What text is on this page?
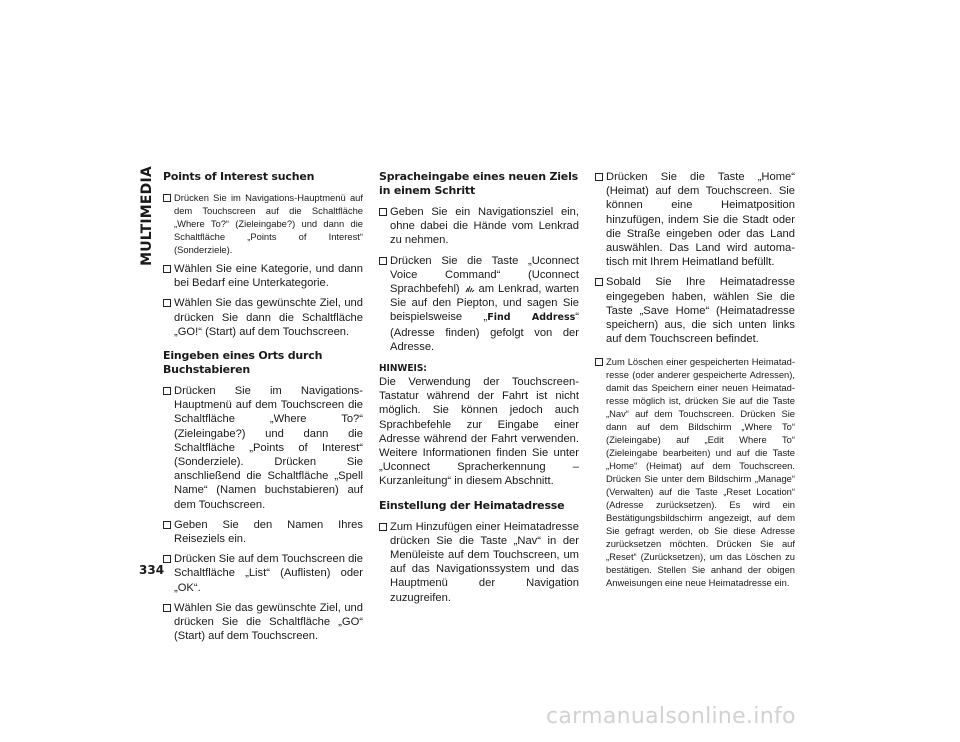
MULTIMEDIA
334
Points of Interest suchen
Drücken Sie im Navigations-Hauptmenü auf dem Touchscreen auf die Schaltfläche „Where To?“ (Zieleingabe?) und dann die Schaltfläche „Points of Interest“ (Sonderziele).
Wählen Sie eine Kategorie, und dann bei Bedarf eine Unterkategorie.
Wählen Sie das gewünschte Ziel, und drücken Sie dann die Schaltfläche „GO!“ (Start) auf dem Touchscreen.
Eingeben eines Orts durch Buchstabieren
Drücken Sie im Navigations-Hauptmenü auf dem Touchscreen die Schaltfläche „Where To?“ (Zieleingabe?) und dann die Schaltfläche „Points of Interest“ (Sonderziele). Drücken Sie anschließend die Schaltfläche „Spell Name“ (Namen buchstabieren) auf dem Touchscreen.
Geben Sie den Namen Ihres Reiseziels ein.
Drücken Sie auf dem Touchscreen die Schaltfläche „List“ (Auflisten) oder „OK“.
Wählen Sie das gewünschte Ziel, und drücken Sie die Schaltfläche „GO“ (Start) auf dem Touchscreen.
Spracheingabe eines neuen Ziels in einem Schritt
Geben Sie ein Navigationsziel ein, ohne dabei die Hände vom Lenkrad zu nehmen.
Drücken Sie die Taste „Uconnect Voice Command“ (Uconnect Sprachbefehl) am Lenkrad, warten Sie auf den Piepton, und sagen Sie beispielsweise „Find Address“ (Adresse finden) gefolgt von der Adresse.
HINWEIS:
Die Verwendung der Touchscreen-Tastatur während der Fahrt ist nicht möglich. Sie können jedoch auch Sprachbefehle zur Eingabe einer Adresse während der Fahrt verwenden. Weitere Informationen finden Sie unter „Uconnect Spracherkennung – Kurzanleitung“ in diesem Abschnitt.
Einstellung der Heimatadresse
Zum Hinzufügen einer Heimatadresse drücken Sie die Taste „Nav“ in der Menüleiste auf dem Touchscreen, um auf das Navigationssystem und das Hauptmenü der Navigation zuzugreifen.
Drücken Sie die Taste „Home“ (Heimat) auf dem Touchscreen. Sie können eine Heimatposition hinzufügen, indem Sie die Stadt oder die Straße eingeben oder das Land auswählen. Das Land wird automatisch mit Ihrem Heimatland befüllt.
Sobald Sie Ihre Heimatadresse eingegeben haben, wählen Sie die Taste „Save Home“ (Heimatadresse speichern) aus, die sich unten links auf dem Touchscreen befindet.
Zum Löschen einer gespeicherten Heimatadresse (oder anderer gespeicherte Adressen), damit das Speichern einer neuen Heimatadresse möglich ist, drücken Sie auf die Taste „Nav“ auf dem Touchscreen. Drücken Sie dann auf dem Bildschirm „Where To“ (Zieleingabe) auf „Edit Where To“ (Zieleingabe bearbeiten) und auf die Taste „Home“ (Heimat) auf dem Touchscreen. Drücken Sie unter dem Bildschirm „Manage“ (Verwalten) auf die Taste „Reset Location“ (Adresse zurücksetzen). Es wird ein Bestätigungsbildschirm angezeigt, auf dem Sie gefragt werden, ob Sie diese Adresse zurücksetzen möchten. Drücken Sie auf „Reset“ (Zurücksetzen), um das Löschen zu bestätigen. Stellen Sie anhand der obigen Anweisungen eine neue Heimatadresse ein.
carmanualsonline.info
